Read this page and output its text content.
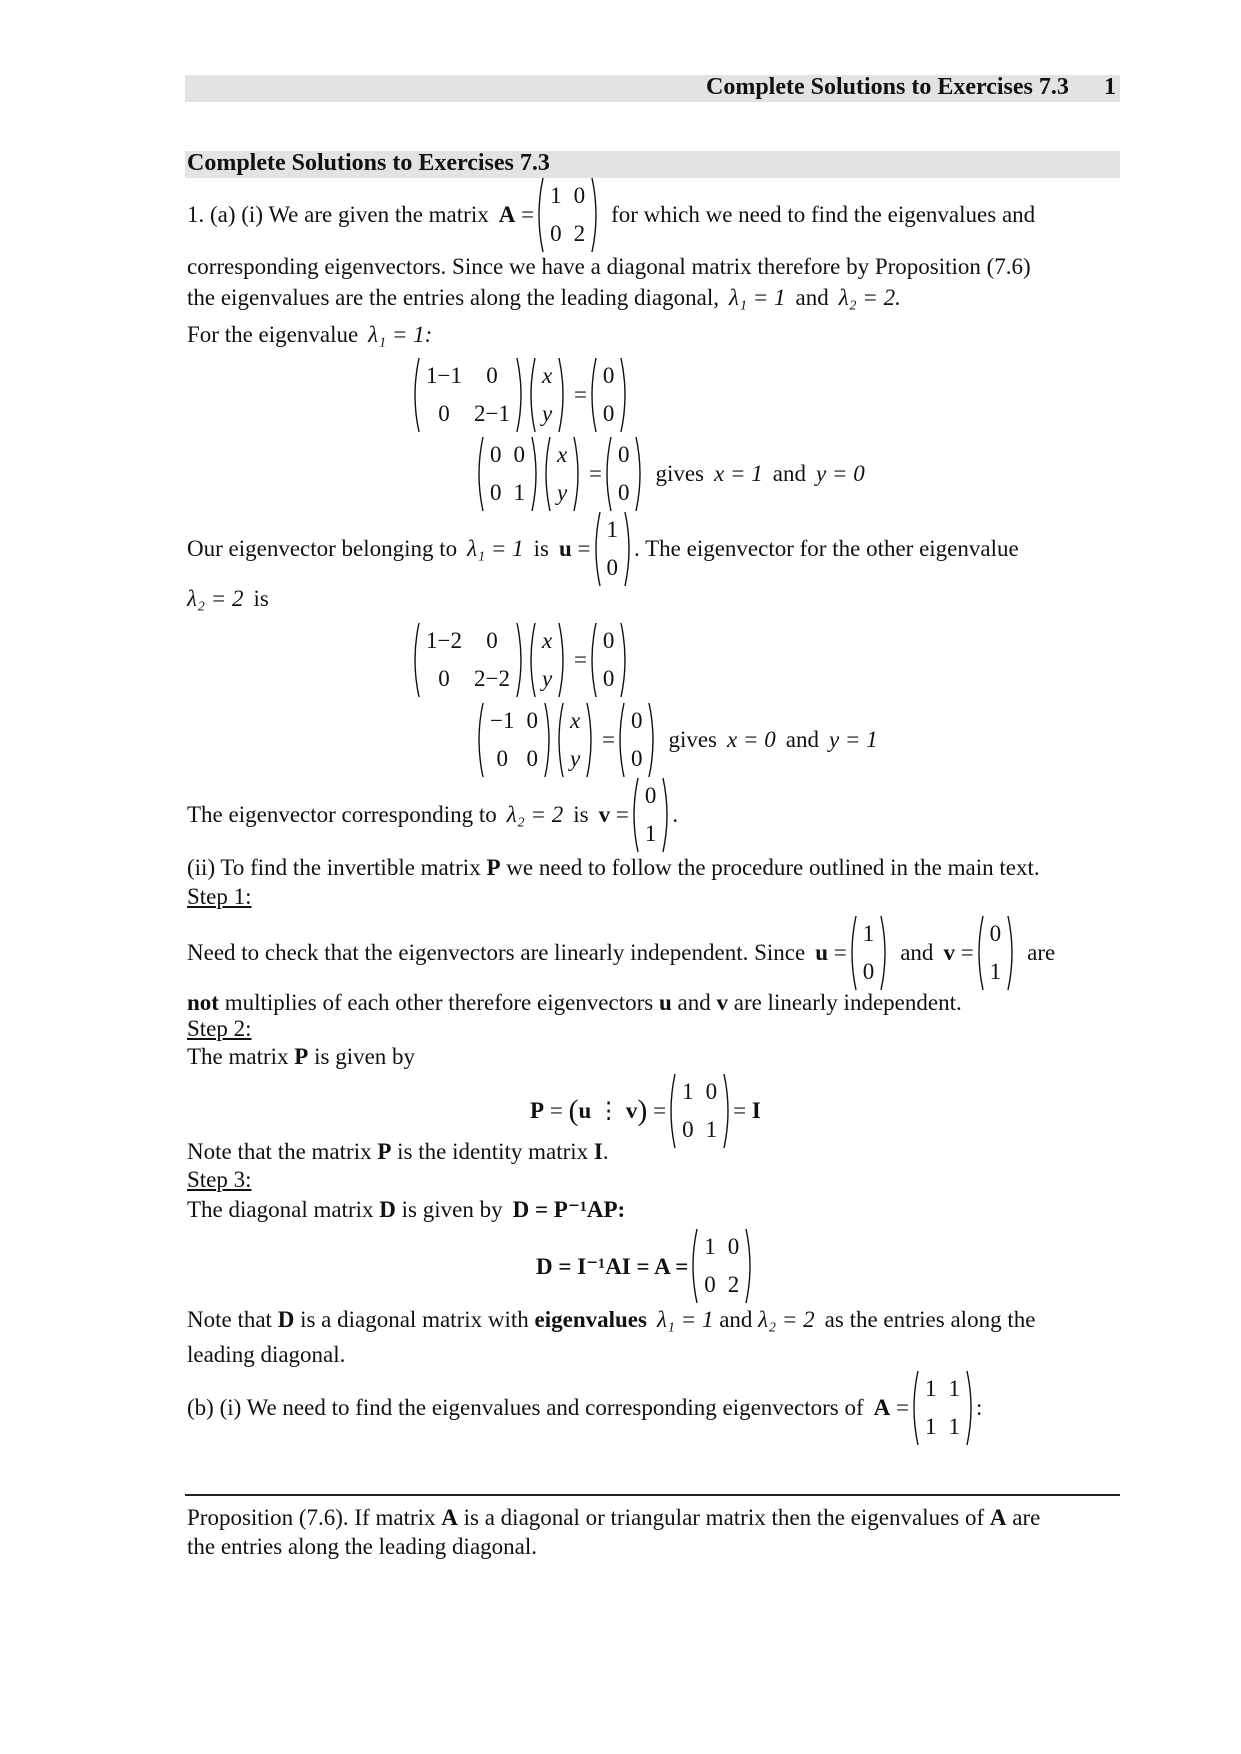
Complete Solutions to Exercises 7.3 1
Complete Solutions to Exercises 7.3
1. (a) (i) We are given the matrix A =
1 0
0 2
for which we need to find the eigenvalues and
corresponding eigenvectors. Since we have a diagonal matrix therefore by Proposition (7.6)
the eigenvalues are the entries along the leading diagonal, λ₁ = 1 and λ₂ = 2.
For the eigenvalue λ₁ = 1:
1−1	0
0	2−1
x
y
=
0
0
0 0
0 1
x
y
=
0
0
gives x = 1 and y = 0
Our eigenvector belonging to λ₁ = 1 is u =
1
0
. The eigenvector for the other eigenvalue
λ₂ = 2 is
1−2	0
0	2−2
x
y
=
0
0
−1 0
0 0
x
y
=
0
0
gives x = 0 and y = 1
The eigenvector corresponding to λ₂ = 2 is v =
0
1
.
(ii) To find the invertible matrix
P
we need to follow the procedure outlined in the main text.
Step 1:
Need to check that the eigenvectors are linearly independent. Since u =
1
0
and v =
0
1
are
not
multiplies of each other therefore eigenvectors
u
and
v
are linearly independent.
Step 2:
The matrix
P
is given by
P = ( u ⋮ v ) =
1 0
0 1
= I
Note that the matrix
P
is the identity matrix
I .
Step 3:
The diagonal matrix
D
is given by D = P⁻¹AP:
D = I⁻¹AI = A =
1 0
0 2
Note that
D
is a diagonal matrix with
eigenvalues λ₁ = 1
and
λ₂ = 2 as the entries along the
leading diagonal.
(b) (i) We need to find the eigenvalues and corresponding eigenvectors of A =
1 1
1 1
:
Proposition (7.6). If matrix
A
is a diagonal or triangular matrix then the eigenvalues of
A
are
the entries along the leading diagonal.
